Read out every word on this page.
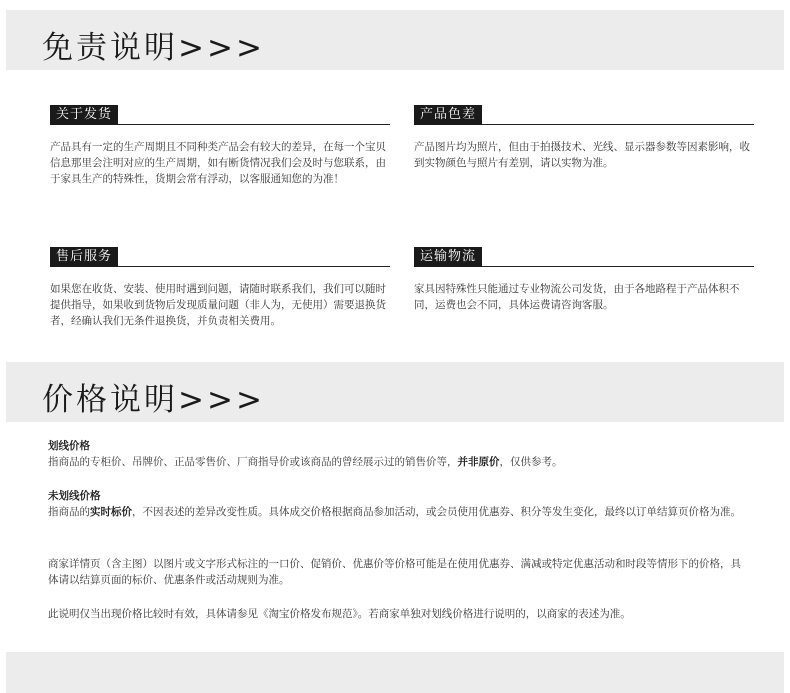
免责说明>>>
关于发货
产品具有一定的生产周期且不同种类产品会有较大的差异，在每一个宝贝信息那里会注明对应的生产周期，如有断货情况我们会及时与您联系，由于家具生产的特殊性，货期会常有浮动，以客服通知您的为准！
产品色差
产品图片均为照片，但由于拍摄技术、光线、显示器参数等因素影响，收到实物颜色与照片有差别，请以实物为准。
售后服务
如果您在收货、安装、使用时遇到问题，请随时联系我们，我们可以随时提供指导，如果收到货物后发现质量问题（非人为，无使用）需要退换货者，经确认我们无条件退换货，并负责相关费用。
运输物流
家具因特殊性只能通过专业物流公司发货，由于各地路程于产品体积不同，运费也会不同，具体运费请咨询客服。
价格说明>>>
划线价格

指商品的专柜价、吊牌价、正品零售价、厂商指导价或该商品的曾经展示过的销售价等，并非原价，仅供参考。

未划线价格

指商品的实时标价，不因表述的差异改变性质。具体成交价格根据商品参加活动，或会员使用优惠券、积分等发生变化，最终以订单结算页价格为准。

商家详情页（含主图）以图片或文字形式标注的一口价、促销价、优惠价等价格可能是在使用优惠券、满减或特定优惠活动和时段等情形下的价格，具体请以结算页面的标价、优惠条件或活动规则为准。

此说明仅当出现价格比较时有效，具体请参见《淘宝价格发布规范》。若商家单独对划线价格进行说明的，以商家的表述为准。
